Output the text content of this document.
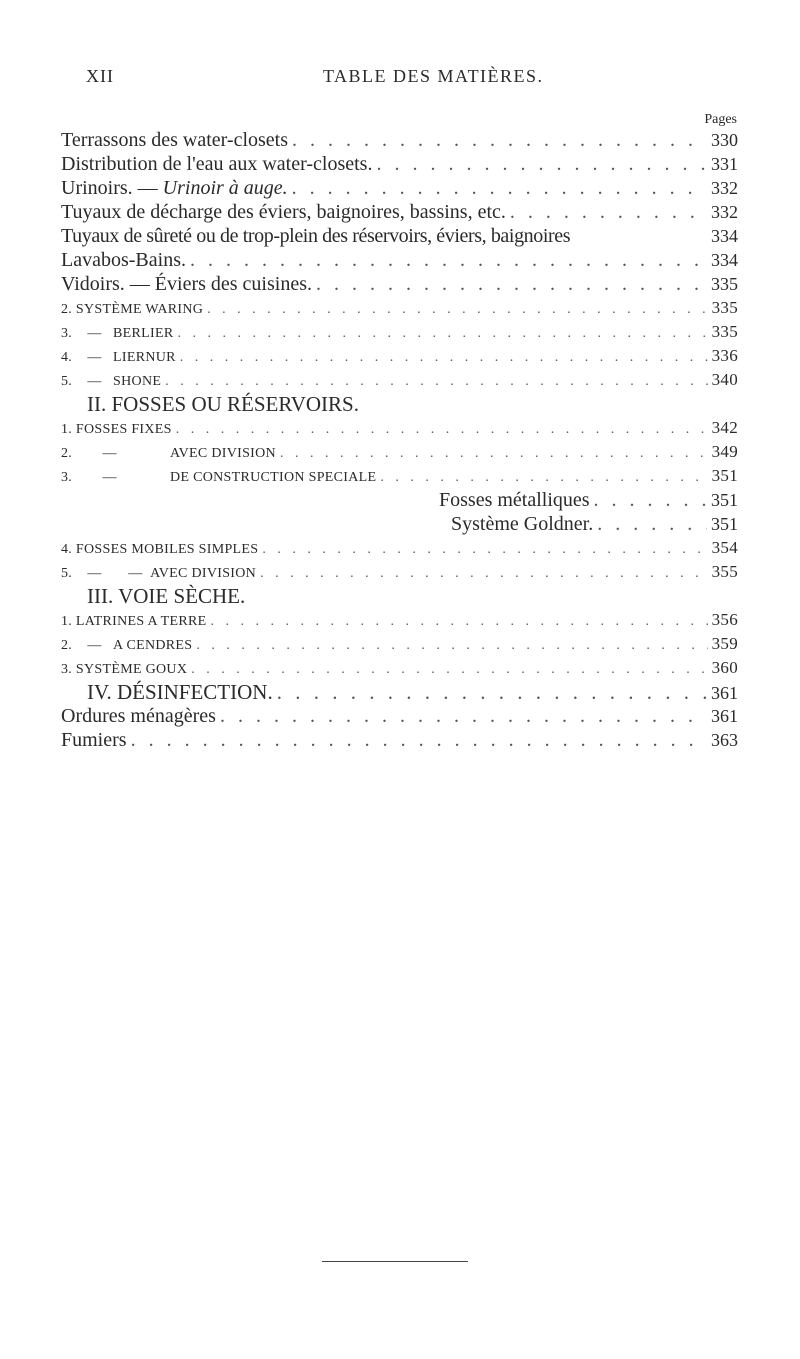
XII	TABLE DES MATIÈRES.
Pages
Terrassons des water-closets . . .	330
Distribution de l'eau aux water-closets. . . .	331
Urinoirs. — Urinoir à auge. . . .	332
Tuyaux de décharge des éviers, baignoires, bassins, etc. . . .	332
Tuyaux de sûreté ou de trop-plein des réservoirs, éviers, baignoires	334
Lavabos-Bains. . . .	334
Vidoirs. — Éviers des cuisines. . . .	335
2. SYSTÈME WARING . . .	335
3. — BERLIER . . .	335
4. — LIERNUR . . .	336
5. — SHONE . . .	340
II. FOSSES OU RÉSERVOIRS.
1. FOSSES FIXES . . .	342
2. —	AVEC DIVISION . . .	349
3. —	DE CONSTRUCTION SPECIALE . . .	351
Fosses métalliques . . .	351
Système Goldner. . . .	351
4. FOSSES MOBILES SIMPLES . . .	354
5. — — AVEC DIVISION . . .	355
III. VOIE SÈCHE.
1. LATRINES A TERRE . . .	356
2. — A CENDRES . . .	359
3. SYSTÈME GOUX . . .	360
IV. DÉSINFECTION. . . .	361
Ordures ménagères . . .	361
Fumiers . . .	363
